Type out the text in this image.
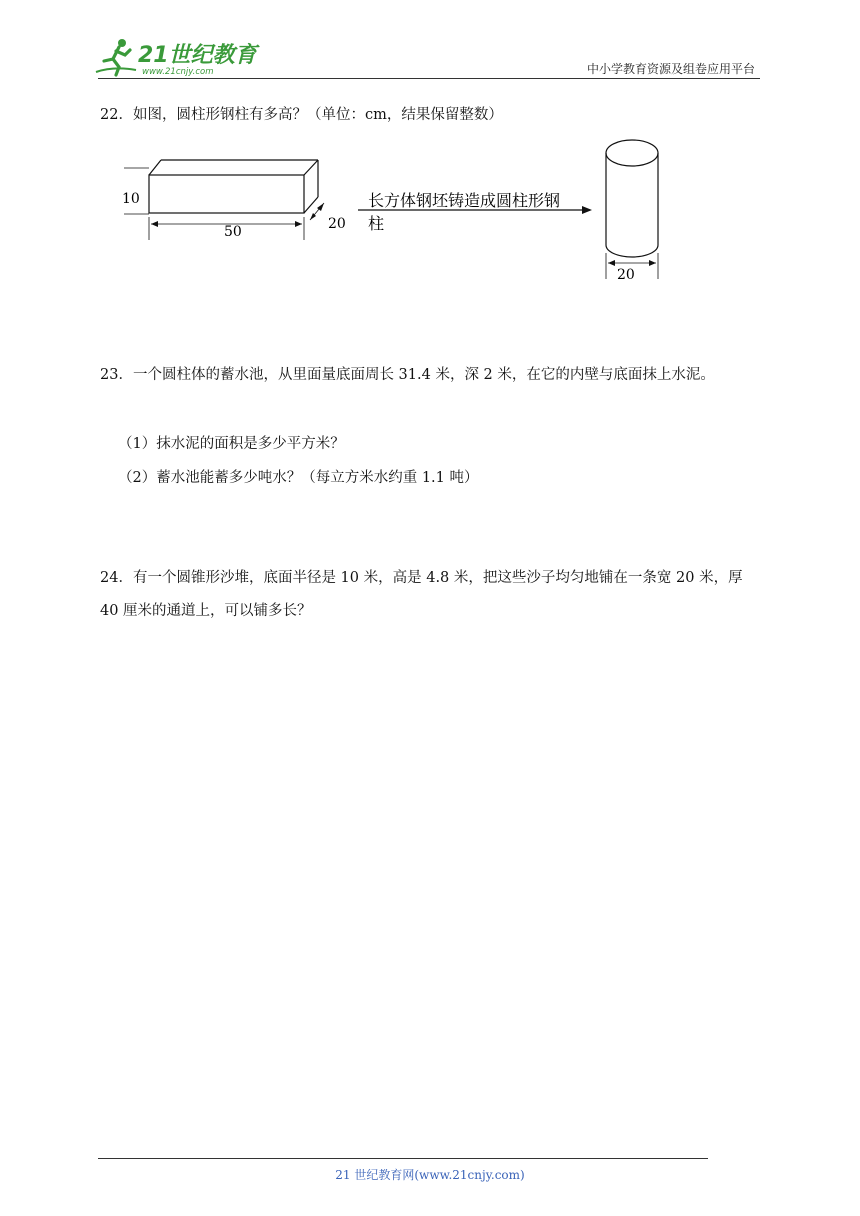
21世纪教育
www.21cnjy.com	中小学教育资源及组卷应用平台
22．如图，圆柱形钢柱有多高？（单位：cm，结果保留整数）
10
50	20
长方体钢坯铸造成圆柱形钢
柱
20
23．一个圆柱体的蓄水池，从里面量底面周长 31.4 米，深 2 米，在它的内壁与底面抹上水泥。
（1）抹水泥的面积是多少平方米？
（2）蓄水池能蓄多少吨水？（每立方米水约重 1.1 吨）
24．有一个圆锥形沙堆，底面半径是 10 米，高是 4.8 米，把这些沙子均匀地铺在一条宽 20 米，厚 40 厘米的通道上，可以铺多长？
21 世纪教育网(www.21cnjy.com)
